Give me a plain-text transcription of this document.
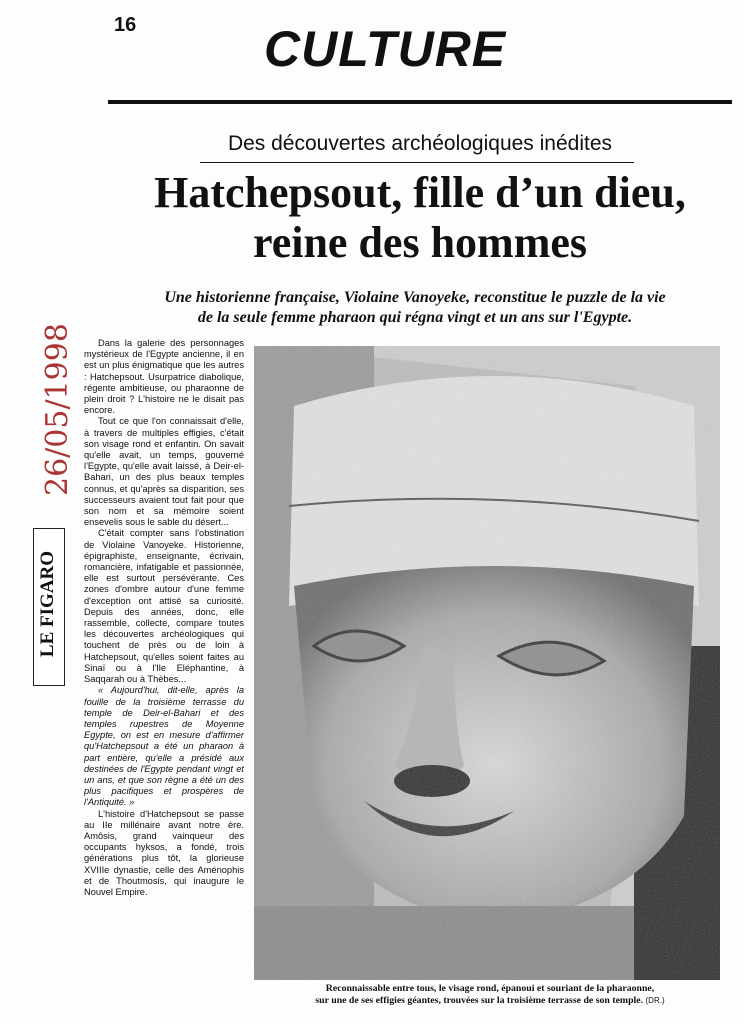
16	CULTURE
Des découvertes archéologiques inédites
Hatchepsout, fille d’un dieu,
reine des hommes
Une historienne française, Violaine Vanoyeke, reconstitue le puzzle de la vie
de la seule femme pharaon qui régna vingt et un ans sur l'Egypte.
26/05/1998
LE FIGARO

Dans la galerie des personnages mystérieux de l'Egypte ancienne, il en est un plus énigmatique que les autres : Hatchepsout. Usurpatrice diabolique, régente ambitieuse, ou pharaonne de plein droit ? L'histoire ne le disait pas encore.

Tout ce que l'on connaissait d'elle, à travers de multiples effigies, c'était son visage rond et enfantin. On savait qu'elle avait, un temps, gouverné l'Egypte, qu'elle avait laissé, à Deir-el-Bahari, un des plus beaux temples connus, et qu'après sa disparition, ses successeurs avaient tout fait pour que son nom et sa mémoire soient ensevelis sous le sable du désert...

C'était compter sans l'obstination de Violaine Vanoyeke. Historienne, épigraphiste, enseignante, écrivain, romancière, infatigable et passionnée, elle est surtout persévérante. Ces zones d'ombre autour d'une femme d'exception ont attisé sa curiosité. Depuis des années, donc, elle rassemble, collecte, compare toutes les découvertes archéologiques qui touchent de près ou de loin à Hatchepsout, qu'elles soient faites au Sinaï ou à l'Ile Eléphantine, à Saqqarah ou à Thèbes...

« Aujourd'hui, dit-elle, après la fouille de la troisième terrasse du temple de Deir-el-Bahari et des temples rupestres de Moyenne Egypte, on est en mesure d'affirmer qu'Hatchepsout a été un pharaon à part entière, qu'elle a présidé aux destinées de l'Egypte pendant vingt et un ans, et que son règne a été un des plus pacifiques et prospères de l'Antiquité. »

L'histoire d'Hatchepsout se passe au IIe millénaire avant notre ère. Amôsis, grand vainqueur des occupants hyksos, a fondé, trois générations plus tôt, la glorieuse XVIIIe dynastie, celle des Aménophis et de Thoutmosis, qui inaugure le Nouvel Empire.

Reconnaissable entre tous, le visage rond, épanoui et souriant de la pharaonne,
sur une de ses effigies géantes, trouvées sur la troisième terrasse de son temple. (DR.)
